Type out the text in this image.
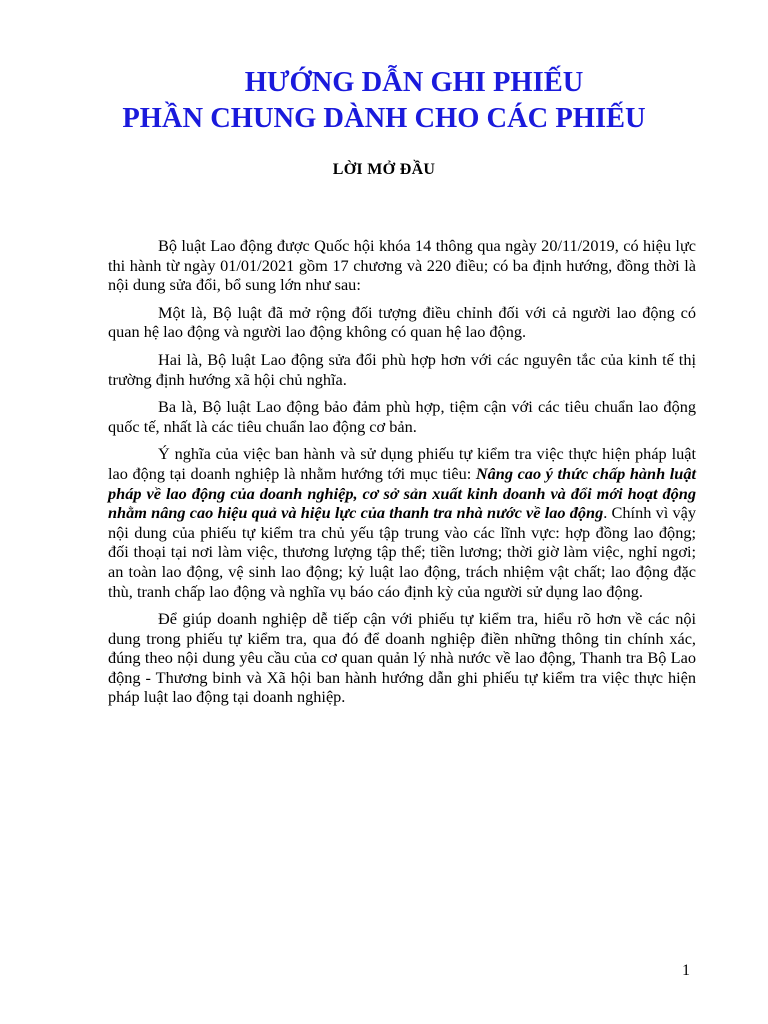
HƯỚNG DẪN GHI PHIẾU
PHẦN CHUNG DÀNH CHO CÁC PHIẾU
LỜI MỞ ĐẦU

Bộ luật Lao động được Quốc hội khóa 14 thông qua ngày 20/11/2019, có hiệu lực thi hành từ ngày 01/01/2021 gồm 17 chương và 220 điều; có ba định hướng, đồng thời là nội dung sửa đổi, bổ sung lớn như sau:

Một là, Bộ luật đã mở rộng đối tượng điều chỉnh đối với cả người lao động có quan hệ lao động và người lao động không có quan hệ lao động.

Hai là, Bộ luật Lao động sửa đổi phù hợp hơn với các nguyên tắc của kinh tế thị trường định hướng xã hội chủ nghĩa.

Ba là, Bộ luật Lao động bảo đảm phù hợp, tiệm cận với các tiêu chuẩn lao động quốc tế, nhất là các tiêu chuẩn lao động cơ bản.

Ý nghĩa của việc ban hành và sử dụng phiếu tự kiểm tra việc thực hiện pháp luật lao động tại doanh nghiệp là nhằm hướng tới mục tiêu: Nâng cao ý thức chấp hành luật pháp về lao động của doanh nghiệp, cơ sở sản xuất kinh doanh và đổi mới hoạt động nhằm nâng cao hiệu quả và hiệu lực của thanh tra nhà nước về lao động. Chính vì vậy nội dung của phiếu tự kiểm tra chủ yếu tập trung vào các lĩnh vực: hợp đồng lao động; đối thoại tại nơi làm việc, thương lượng tập thể; tiền lương; thời giờ làm việc, nghỉ ngơi; an toàn lao động, vệ sinh lao động; kỷ luật lao động, trách nhiệm vật chất; lao động đặc thù, tranh chấp lao động và nghĩa vụ báo cáo định kỳ của người sử dụng lao động.

Để giúp doanh nghiệp dễ tiếp cận với phiếu tự kiểm tra, hiểu rõ hơn về các nội dung trong phiếu tự kiểm tra, qua đó để doanh nghiệp điền những thông tin chính xác, đúng theo nội dung yêu cầu của cơ quan quản lý nhà nước về lao động, Thanh tra Bộ Lao động - Thương binh và Xã hội ban hành hướng dẫn ghi phiếu tự kiểm tra việc thực hiện pháp luật lao động tại doanh nghiệp.

1
